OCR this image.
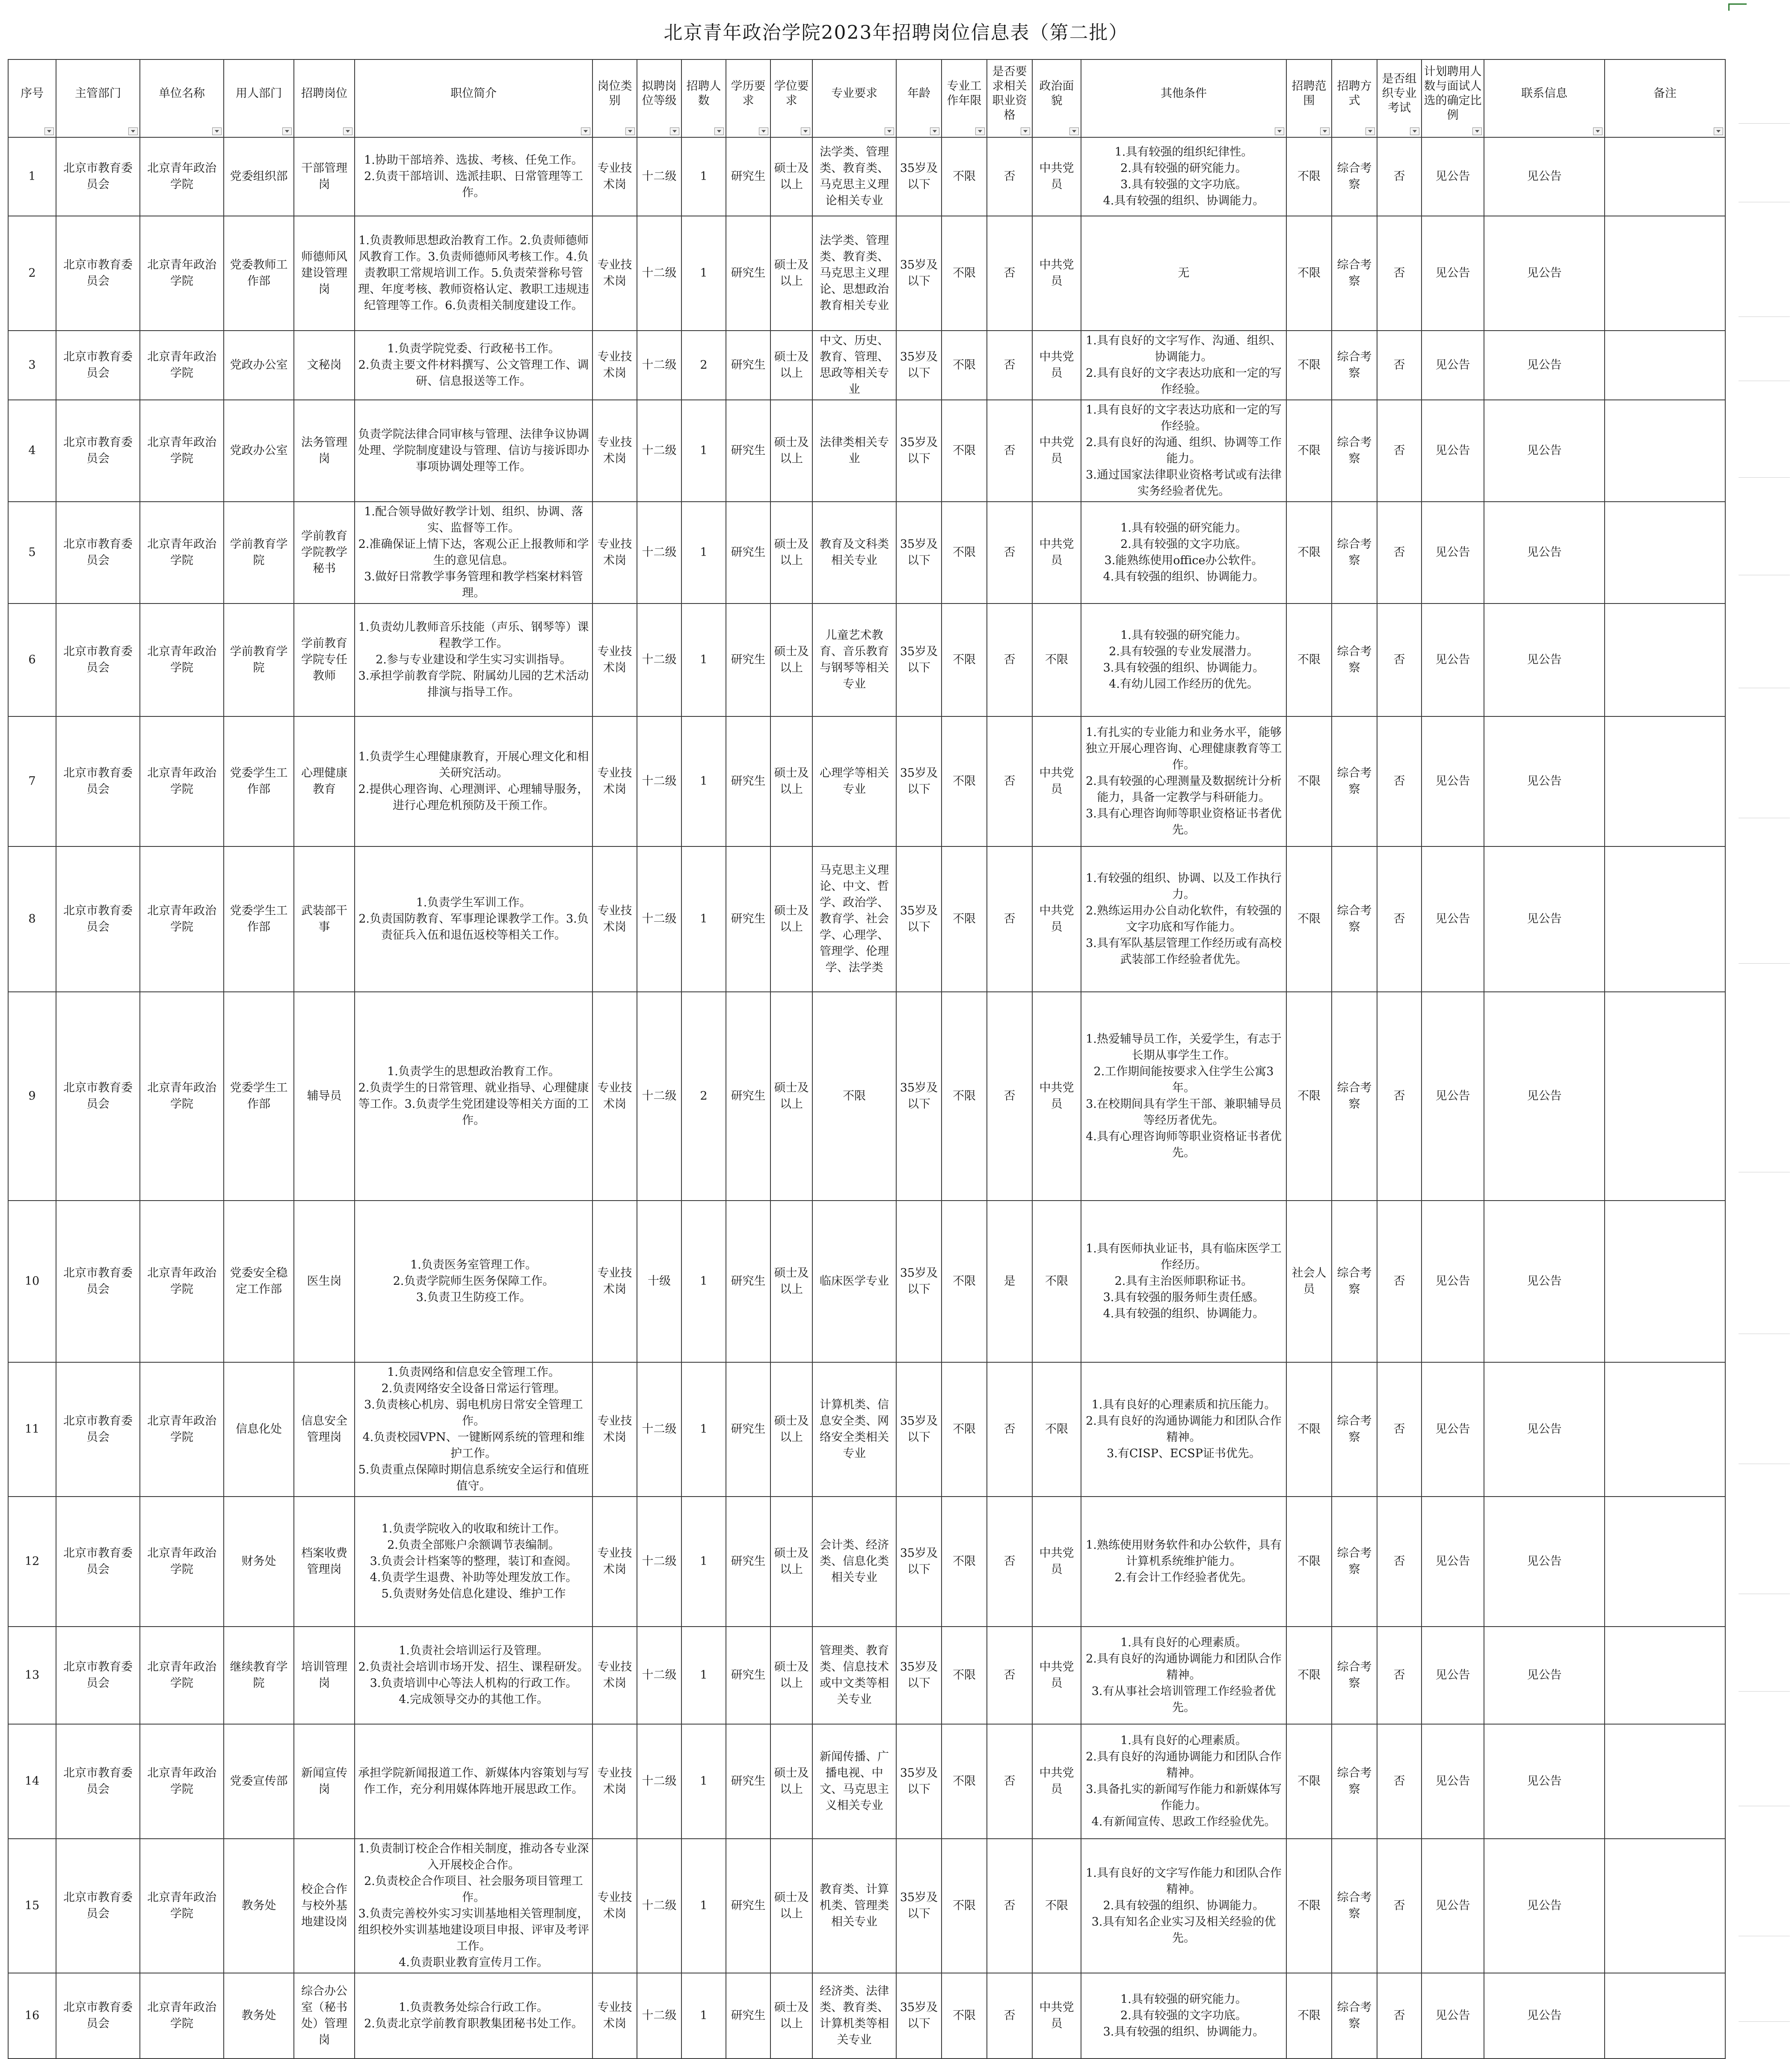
北京青年政治学院2023年招聘岗位信息表（第二批）
序号	主管部门	单位名称	用人部门	招聘岗位	职位简介	岗位类别	拟聘岗位等级	招聘人数	学历要求	学位要求	专业要求	年龄	专业工作年限	是否要求相关职业资格	政治面貌	其他条件	招聘范围	招聘方式	是否组织专业考试	计划聘用人数与面试人选的确定比例	联系信息	备注

1	北京市教育委员会	北京青年政治学院	党委组织部	干部管理岗	1.协助干部培养、选拔、考核、任免工作。
2.负责干部培训、选派挂职、日常管理等工作。	专业技术岗	十二级	1	研究生	硕士及以上	法学类、管理类、教育类、马克思主义理论相关专业	35岁及以下	不限	否	中共党员	1.具有较强的组织纪律性。
2.具有较强的研究能力。
3.具有较强的文字功底。
4.具有较强的组织、协调能力。	不限	综合考察	否	见公告	见公告	
2	北京市教育委员会	北京青年政治学院	党委教师工作部	师德师风建设管理岗	1.负责教师思想政治教育工作。2.负责师德师风教育工作。3.负责师德师风考核工作。4.负责教职工常规培训工作。5.负责荣誉称号管理、年度考核、教师资格认定、教职工违规违纪管理等工作。6.负责相关制度建设工作。	专业技术岗	十二级	1	研究生	硕士及以上	法学类、管理类、教育类、马克思主义理论、思想政治教育相关专业	35岁及以下	不限	否	中共党员	无	不限	综合考察	否	见公告	见公告	
3	北京市教育委员会	北京青年政治学院	党政办公室	文秘岗	1.负责学院党委、行政秘书工作。
2.负责主要文件材料撰写、公文管理工作、调研、信息报送等工作。	专业技术岗	十二级	2	研究生	硕士及以上	中文、历史、教育、管理、思政等相关专业	35岁及以下	不限	否	中共党员	1.具有良好的文字写作、沟通、组织、协调能力。
2.具有良好的文字表达功底和一定的写作经验。	不限	综合考察	否	见公告	见公告	
4	北京市教育委员会	北京青年政治学院	党政办公室	法务管理岗	负责学院法律合同审核与管理、法律争议协调处理、学院制度建设与管理、信访与接诉即办事项协调处理等工作。	专业技术岗	十二级	1	研究生	硕士及以上	法律类相关专业	35岁及以下	不限	否	中共党员	1.具有良好的文字表达功底和一定的写作经验。
2.具有良好的沟通、组织、协调等工作能力。
3.通过国家法律职业资格考试或有法律实务经验者优先。	不限	综合考察	否	见公告	见公告	
5	北京市教育委员会	北京青年政治学院	学前教育学院	学前教育学院教学秘书	1.配合领导做好教学计划、组织、协调、落实、监督等工作。
2.准确保证上情下达，客观公正上报教师和学生的意见信息。
3.做好日常教学事务管理和教学档案材料管理。	专业技术岗	十二级	1	研究生	硕士及以上	教育及文科类相关专业	35岁及以下	不限	否	中共党员	1.具有较强的研究能力。
2.具有较强的文字功底。
3.能熟练使用office办公软件。
4.具有较强的组织、协调能力。	不限	综合考察	否	见公告	见公告	
6	北京市教育委员会	北京青年政治学院	学前教育学院	学前教育学院专任教师	1.负责幼儿教师音乐技能（声乐、钢琴等）课程教学工作。
2.参与专业建设和学生实习实训指导。
3.承担学前教育学院、附属幼儿园的艺术活动排演与指导工作。	专业技术岗	十二级	1	研究生	硕士及以上	儿童艺术教育、音乐教育与钢琴等相关专业	35岁及以下	不限	否	不限	1.具有较强的研究能力。
2.具有较强的专业发展潜力。
3.具有较强的组织、协调能力。
4.有幼儿园工作经历的优先。	不限	综合考察	否	见公告	见公告	
7	北京市教育委员会	北京青年政治学院	党委学生工作部	心理健康教育	1.负责学生心理健康教育，开展心理文化和相关研究活动。
2.提供心理咨询、心理测评、心理辅导服务，进行心理危机预防及干预工作。	专业技术岗	十二级	1	研究生	硕士及以上	心理学等相关专业	35岁及以下	不限	否	中共党员	1.有扎实的专业能力和业务水平，能够独立开展心理咨询、心理健康教育等工作。
2.具有较强的心理测量及数据统计分析能力，具备一定教学与科研能力。
3.具有心理咨询师等职业资格证书者优先。	不限	综合考察	否	见公告	见公告	
8	北京市教育委员会	北京青年政治学院	党委学生工作部	武装部干事	1.负责学生军训工作。
2.负责国防教育、军事理论课教学工作。3.负责征兵入伍和退伍返校等相关工作。	专业技术岗	十二级	1	研究生	硕士及以上	马克思主义理论、中文、哲学、政治学、教育学、社会学、心理学、管理学、伦理学、法学类	35岁及以下	不限	否	中共党员	1.有较强的组织、协调、以及工作执行力。
2.熟练运用办公自动化软件，有较强的文字功底和写作能力。
3.具有军队基层管理工作经历或有高校武装部工作经验者优先。	不限	综合考察	否	见公告	见公告	
9	北京市教育委员会	北京青年政治学院	党委学生工作部	辅导员	1.负责学生的思想政治教育工作。
2.负责学生的日常管理、就业指导、心理健康等工作。3.负责学生党团建设等相关方面的工作。	专业技术岗	十二级	2	研究生	硕士及以上	不限	35岁及以下	不限	否	中共党员	1.热爱辅导员工作，关爱学生，有志于长期从事学生工作。
2.工作期间能按要求入住学生公寓3年。
3.在校期间具有学生干部、兼职辅导员等经历者优先。
4.具有心理咨询师等职业资格证书者优先。	不限	综合考察	否	见公告	见公告	
10	北京市教育委员会	北京青年政治学院	党委安全稳定工作部	医生岗	1.负责医务室管理工作。
2.负责学院师生医务保障工作。
3.负责卫生防疫工作。	专业技术岗	十级	1	研究生	硕士及以上	临床医学专业	35岁及以下	不限	是	不限	1.具有医师执业证书，具有临床医学工作经历。
2.具有主治医师职称证书。
3.具有较强的服务师生责任感。
4.具有较强的组织、协调能力。	社会人员	综合考察	否	见公告	见公告	
11	北京市教育委员会	北京青年政治学院	信息化处	信息安全管理岗	1.负责网络和信息安全管理工作。
2.负责网络安全设备日常运行管理。
3.负责核心机房、弱电机房日常安全管理工作。
4.负责校园VPN、一键断网系统的管理和维护工作。
5.负责重点保障时期信息系统安全运行和值班值守。	专业技术岗	十二级	1	研究生	硕士及以上	计算机类、信息安全类、网络安全类相关专业	35岁及以下	不限	否	不限	1.具有良好的心理素质和抗压能力。
2.具有良好的沟通协调能力和团队合作精神。
3.有CISP、ECSP证书优先。	不限	综合考察	否	见公告	见公告	
12	北京市教育委员会	北京青年政治学院	财务处	档案收费管理岗	1.负责学院收入的收取和统计工作。
2.负责全部账户余额调节表编制。
3.负责会计档案等的整理，装订和查阅。
4.负责学生退费、补助等处理发放工作。
5.负责财务处信息化建设、维护工作	专业技术岗	十二级	1	研究生	硕士及以上	会计类、经济类、信息化类相关专业	35岁及以下	不限	否	中共党员	1.熟练使用财务软件和办公软件，具有计算机系统维护能力。
2.有会计工作经验者优先。	不限	综合考察	否	见公告	见公告	
13	北京市教育委员会	北京青年政治学院	继续教育学院	培训管理岗	1.负责社会培训运行及管理。
2.负责社会培训市场开发、招生、课程研发。
3.负责培训中心等法人机构的行政工作。
4.完成领导交办的其他工作。	专业技术岗	十二级	1	研究生	硕士及以上	管理类、教育类、信息技术或中文类等相关专业	35岁及以下	不限	否	中共党员	1.具有良好的心理素质。
2.具有良好的沟通协调能力和团队合作精神。
3.有从事社会培训管理工作经验者优先。	不限	综合考察	否	见公告	见公告	
14	北京市教育委员会	北京青年政治学院	党委宣传部	新闻宣传岗	承担学院新闻报道工作、新媒体内容策划与写作工作，充分利用媒体阵地开展思政工作。	专业技术岗	十二级	1	研究生	硕士及以上	新闻传播、广播电视、中文、马克思主义相关专业	35岁及以下	不限	否	中共党员	1.具有良好的心理素质。
2.具有良好的沟通协调能力和团队合作精神。
3.具备扎实的新闻写作能力和新媒体写作能力。
4.有新闻宣传、思政工作经验优先。	不限	综合考察	否	见公告	见公告	
15	北京市教育委员会	北京青年政治学院	教务处	校企合作与校外基地建设岗	1.负责制订校企合作相关制度，推动各专业深入开展校企合作。
2.负责校企合作项目、社会服务项目管理工作。
3.负责完善校外实习实训基地相关管理制度，组织校外实训基地建设项目申报、评审及考评工作。
4.负责职业教育宣传月工作。	专业技术岗	十二级	1	研究生	硕士及以上	教育类、计算机类、管理类相关专业	35岁及以下	不限	否	不限	1.具有良好的文字写作能力和团队合作精神。
2.具有较强的组织、协调能力。
3.具有知名企业实习及相关经验的优先。	不限	综合考察	否	见公告	见公告	
16	北京市教育委员会	北京青年政治学院	教务处	综合办公室（秘书处）管理岗	1.负责教务处综合行政工作。
2.负责北京学前教育职教集团秘书处工作。	专业技术岗	十二级	1	研究生	硕士及以上	经济类、法律类、教育类、计算机类等相关专业	35岁及以下	不限	否	中共党员	1.具有较强的研究能力。
2.具有较强的文字功底。
3.具有较强的组织、协调能力。	不限	综合考察	否	见公告	见公告	
